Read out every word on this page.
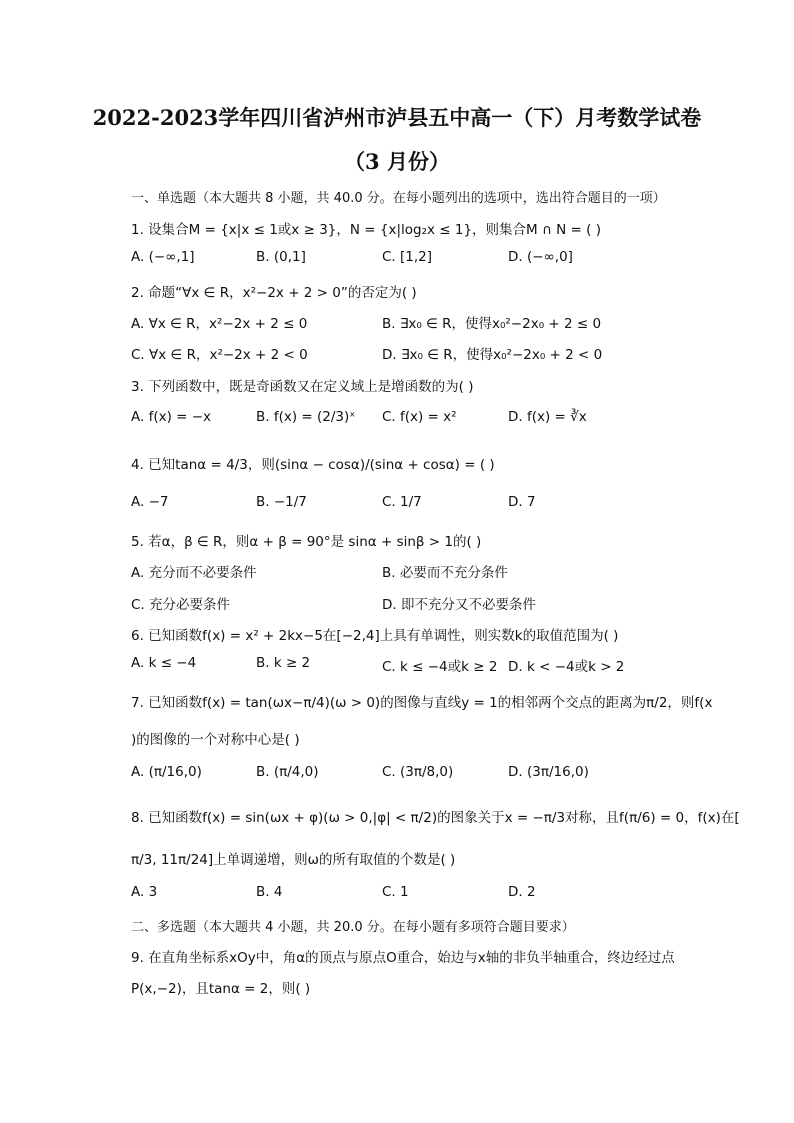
2022-2023学年四川省泸州市泸县五中高一（下）月考数学试卷
（3 月份）
一、单选题（本大题共 8 小题，共 40.0 分。在每小题列出的选项中，选出符合题目的一项）
1. 设集合M = {x|x ≤ 1或x ≥ 3}，N = {x|log₂x ≤ 1}，则集合M ∩ N = ( )
A. (−∞,1]	B. (0,1]	C. [1,2]	D. (−∞,0]
2. 命题“∀x ∈ R，x²−2x + 2 > 0”的否定为( )
A. ∀x ∈ R，x²−2x + 2 ≤ 0	B. ∃x₀ ∈ R，使得x₀²−2x₀ + 2 ≤ 0
C. ∀x ∈ R，x²−2x + 2 < 0	D. ∃x₀ ∈ R，使得x₀²−2x₀ + 2 < 0
3. 下列函数中，既是奇函数又在定义域上是增函数的为( )
A. f(x) = −x	B. f(x) = (2/3)ˣ C. f(x) = x²	D. f(x) = ∛x
4. 已知tanα = 4/3，则(sinα − cosα)/(sinα + cosα) = ( )
A. −7	B. −1/7	C. 1/7	D. 7
5. 若α，β ∈ R，则α + β = 90°是 sinα + sinβ > 1的( )
A. 充分而不必要条件	B. 必要而不充分条件
C. 充分必要条件	D. 即不充分又不必要条件
6. 已知函数f(x) = x² + 2kx−5在[−2,4]上具有单调性，则实数k的取值范围为( )
A. k ≤ −4	B. k ≥ 2	C. k ≤ −4或k ≥ 2 D. k < −4或k > 2
7. 已知函数f(x) = tan(ωx−π/4)(ω > 0)的图像与直线y = 1的相邻两个交点的距离为π/2，则f(x
)的图像的一个对称中心是( )
A. (π/16,0)	B. (π/4,0)	C. (3π/8,0)	D. (3π/16,0)
8. 已知函数f(x) = sin(ωx + φ)(ω > 0,|φ| < π/2)的图象关于x = −π/3对称，且f(π/6) = 0，f(x)在[
π/3, 11π/24]上单调递增，则ω的所有取值的个数是( )
A. 3	B. 4	C. 1	D. 2
二、多选题（本大题共 4 小题，共 20.0 分。在每小题有多项符合题目要求）
9. 在直角坐标系xOy中，角α的顶点与原点O重合，始边与x轴的非负半轴重合，终边经过点
P(x,−2)，且tanα = 2，则( )
